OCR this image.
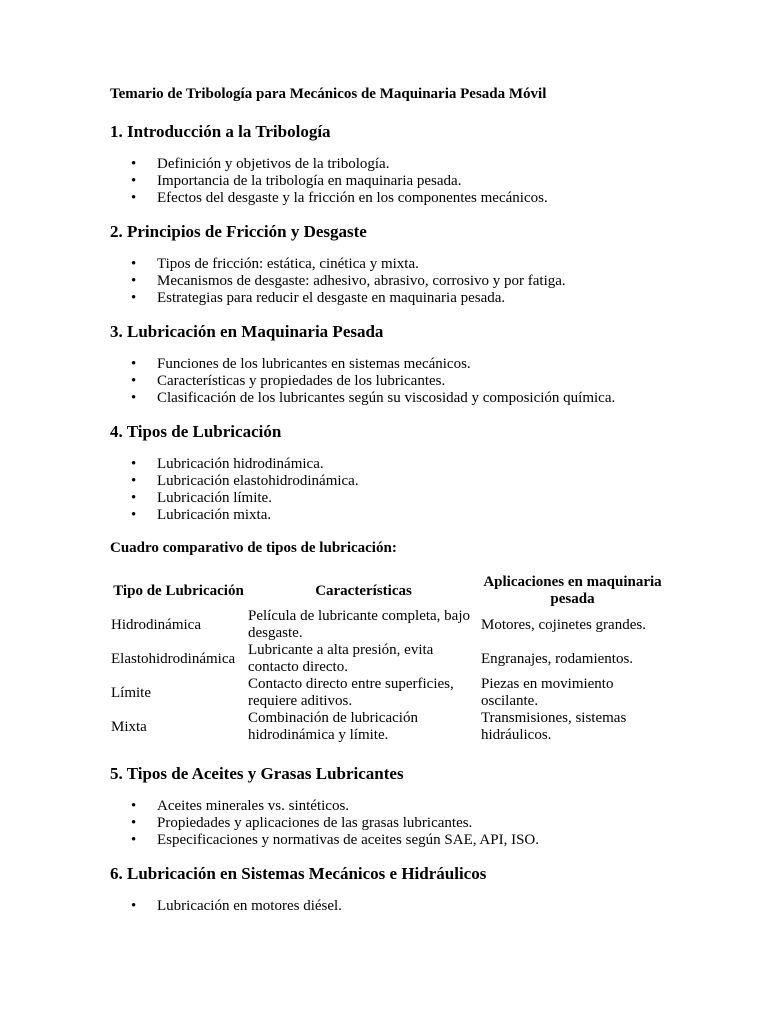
Temario de Tribología para Mecánicos de Maquinaria Pesada Móvil

1. Introducción a la Tribología
• Definición y objetivos de la tribología.
• Importancia de la tribología en maquinaria pesada.
• Efectos del desgaste y la fricción en los componentes mecánicos.
2. Principios de Fricción y Desgaste
• Tipos de fricción: estática, cinética y mixta.
• Mecanismos de desgaste: adhesivo, abrasivo, corrosivo y por fatiga.
• Estrategias para reducir el desgaste en maquinaria pesada.
3. Lubricación en Maquinaria Pesada
• Funciones de los lubricantes en sistemas mecánicos.
• Características y propiedades de los lubricantes.
• Clasificación de los lubricantes según su viscosidad y composición química.
4. Tipos de Lubricación
• Lubricación hidrodinámica.
• Lubricación elastohidrodinámica.
• Lubricación límite.
• Lubricación mixta.

Cuadro comparativo de tipos de lubricación:

Tipo de Lubricación	Características	Aplicaciones en maquinaria pesada
Hidrodinámica	Película de lubricante completa, bajo desgaste.	Motores, cojinetes grandes.
Elastohidrodinámica	Lubricante a alta presión, evita contacto directo.	Engranajes, rodamientos.
Límite	Contacto directo entre superficies, requiere aditivos.	Piezas en movimiento oscilante.
Mixta	Combinación de lubricación hidrodinámica y límite.	Transmisiones, sistemas hidráulicos.
5. Tipos de Aceites y Grasas Lubricantes
• Aceites minerales vs. sintéticos.
• Propiedades y aplicaciones de las grasas lubricantes.
• Especificaciones y normativas de aceites según SAE, API, ISO.
6. Lubricación en Sistemas Mecánicos e Hidráulicos
• Lubricación en motores diésel.
